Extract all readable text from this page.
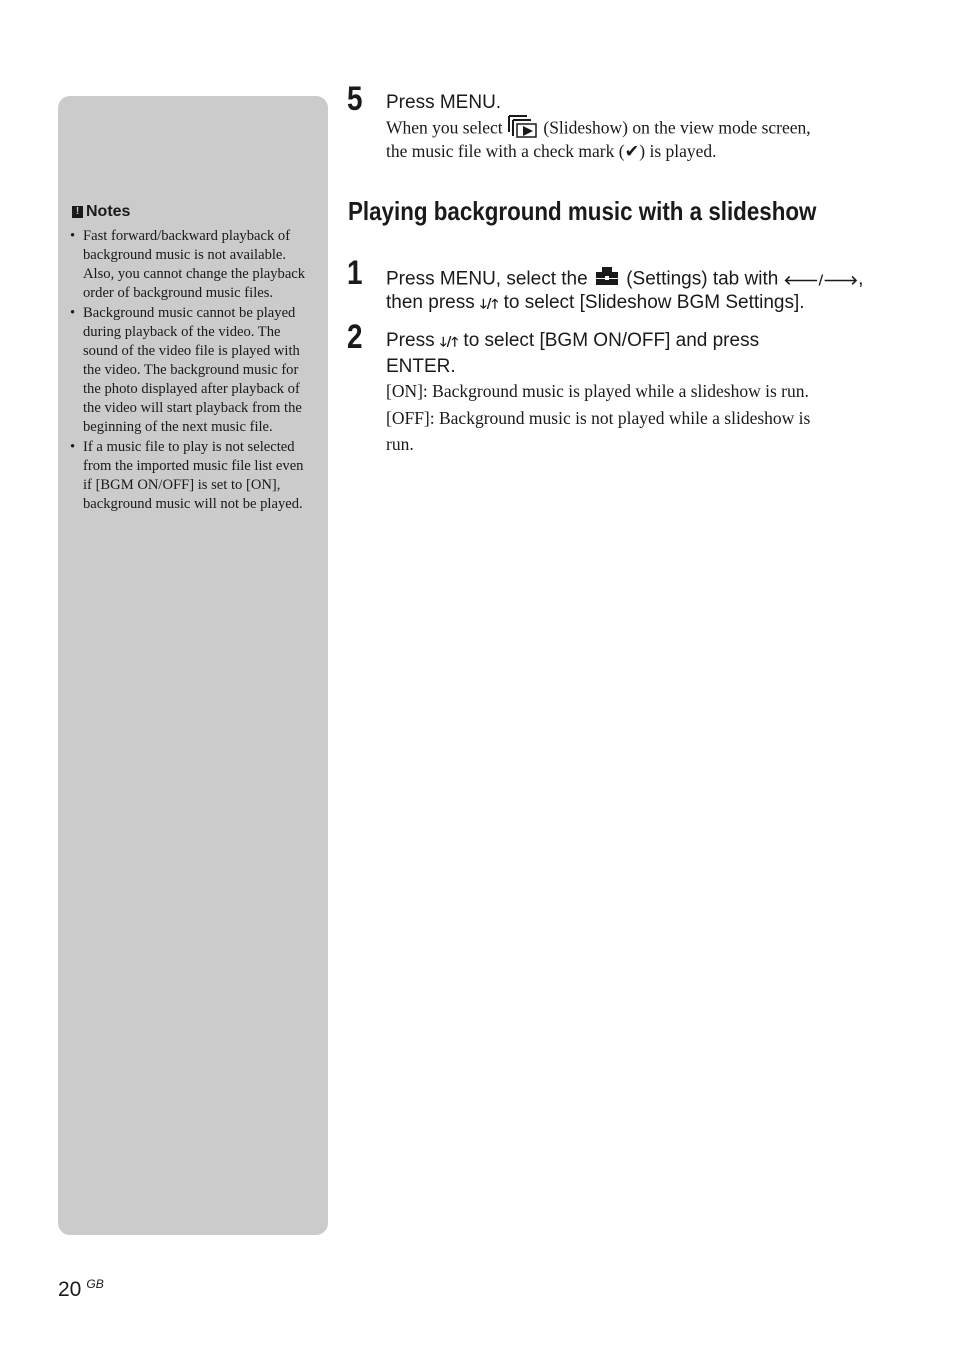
! Notes
• Fast forward/backward playback of background music is not available. Also, you cannot change the playback order of background music files.
• Background music cannot be played during playback of the video. The sound of the video file is played with the video. The background music for the photo displayed after playback of the video will start playback from the beginning of the next music file.
• If a music file to play is not selected from the imported music file list even if [BGM ON/OFF] is set to [ON], background music will not be played.
5 Press MENU.
When you select (Slideshow) on the view mode screen,
the music file with a check mark (✔) is played.
Playing background music with a slideshow
1 Press MENU, select the (Settings) tab with 🡐/🡒,
then press 🡓/🡑 to select [Slideshow BGM Settings].
2 Press 🡓/🡑 to select [BGM ON/OFF] and press
ENTER.
[ON]: Background music is played while a slideshow is run.
[OFF]: Background music is not played while a slideshow is
run.
20 $^{GB}$
